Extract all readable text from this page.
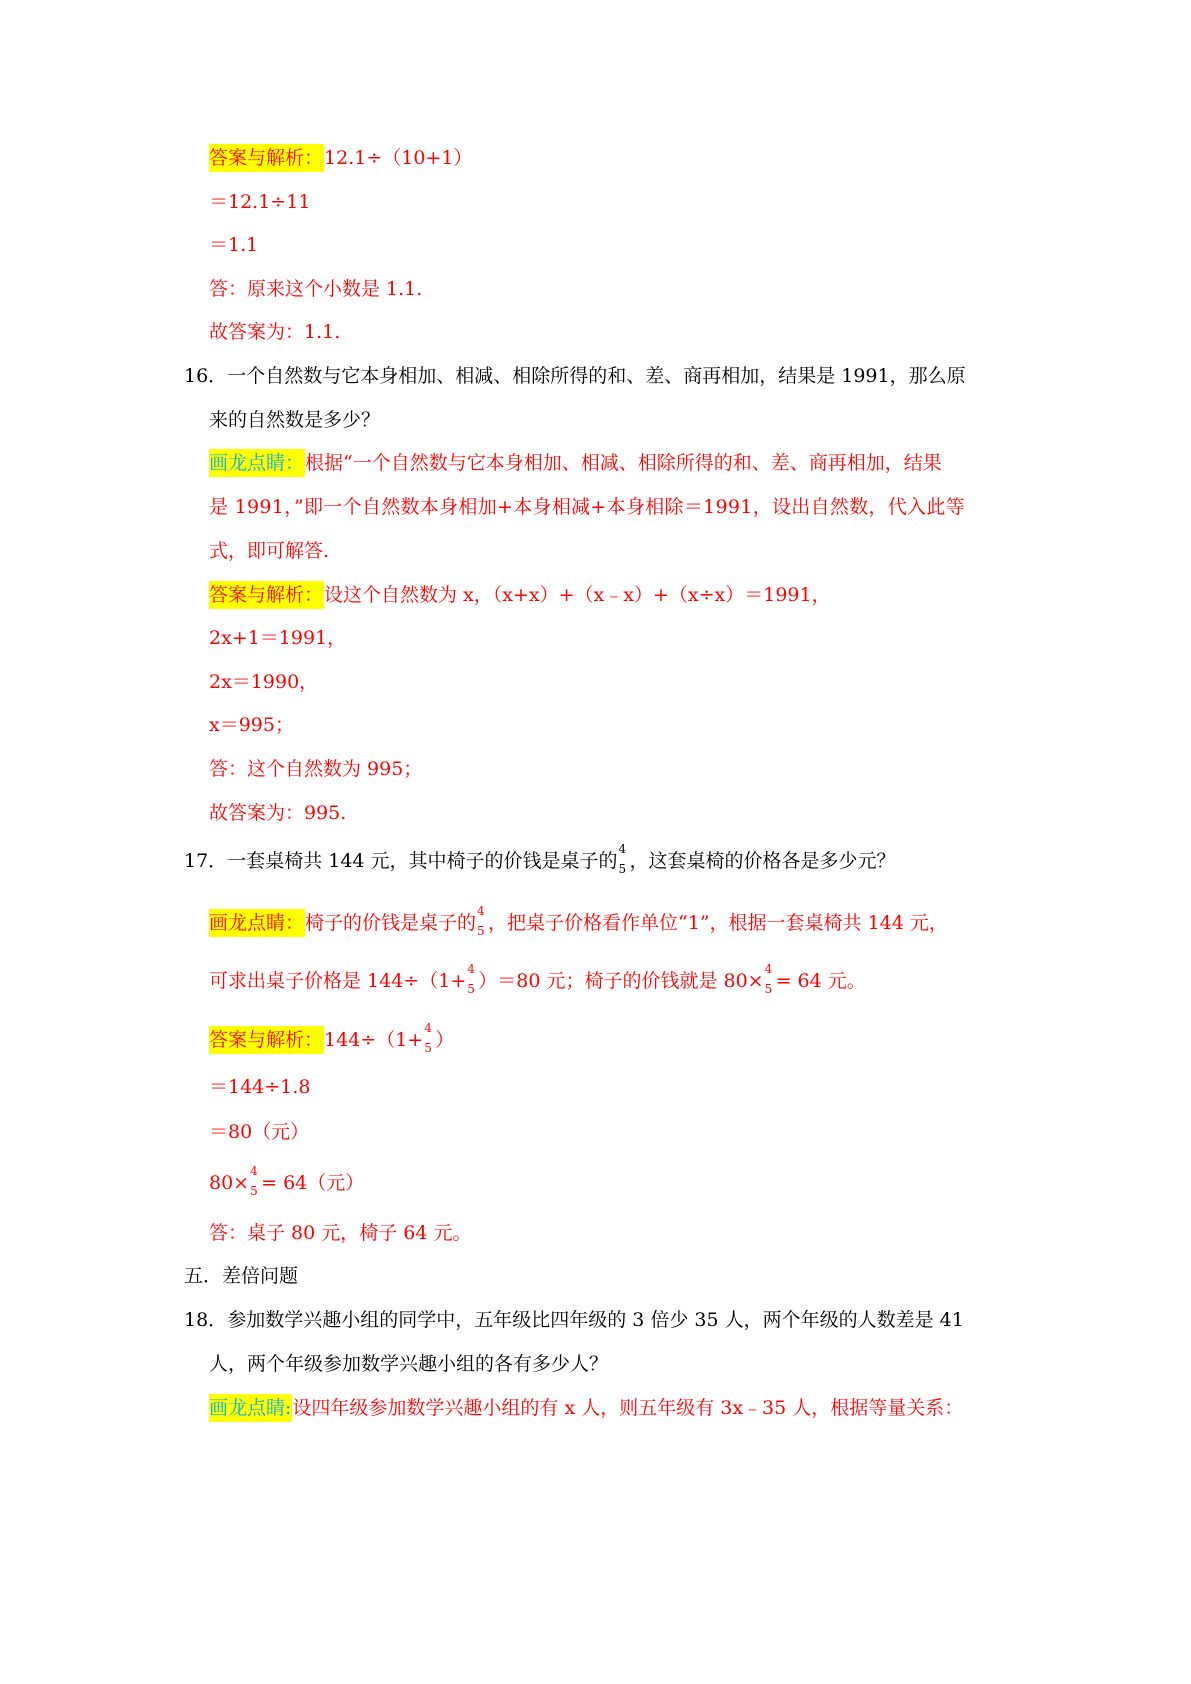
答案与解析：12.1÷（10+1）
＝12.1÷11
＝1.1
答：原来这个小数是 1.1.
故答案为：1.1.
16．一个自然数与它本身相加、相减、相除所得的和、差、商再相加，结果是 1991，那么原
来的自然数是多少？
画龙点睛：根据“一个自然数与它本身相加、相减、相除所得的和、差、商再相加，结果
是 1991，”即一个自然数本身相加+本身相减+本身相除＝1991，设出自然数，代入此等
式，即可解答.
答案与解析：设这个自然数为 x，（x+x）+（x﹣x）+（x÷x）＝1991，
2x+1＝1991，
2x＝1990，
x＝995；
答：这个自然数为 995；
故答案为：995.
17．一套桌椅共 144 元，其中椅子的价钱是桌子的
4
5 ，这套桌椅的价格各是多少元？
画龙点睛：椅子的价钱是桌子的
4
5 ，把桌子价格看作单位“1”，根据一套桌椅共 144 元，
可求出桌子价格是 144÷（1+
4
5 ）＝80 元；椅子的价钱就是 80×
4
5 = 64 元。
答案与解析：144÷（1+
4
5 ）
＝144÷1.8
＝80（元）
80×
4
5 = 64（元）
答：桌子 80 元，椅子 64 元。
五．差倍问题
18．参加数学兴趣小组的同学中，五年级比四年级的 3 倍少 35 人，两个年级的人数差是 41
人，两个年级参加数学兴趣小组的各有多少人？
画龙点睛:设四年级参加数学兴趣小组的有 x 人，则五年级有 3x﹣35 人，根据等量关系：
